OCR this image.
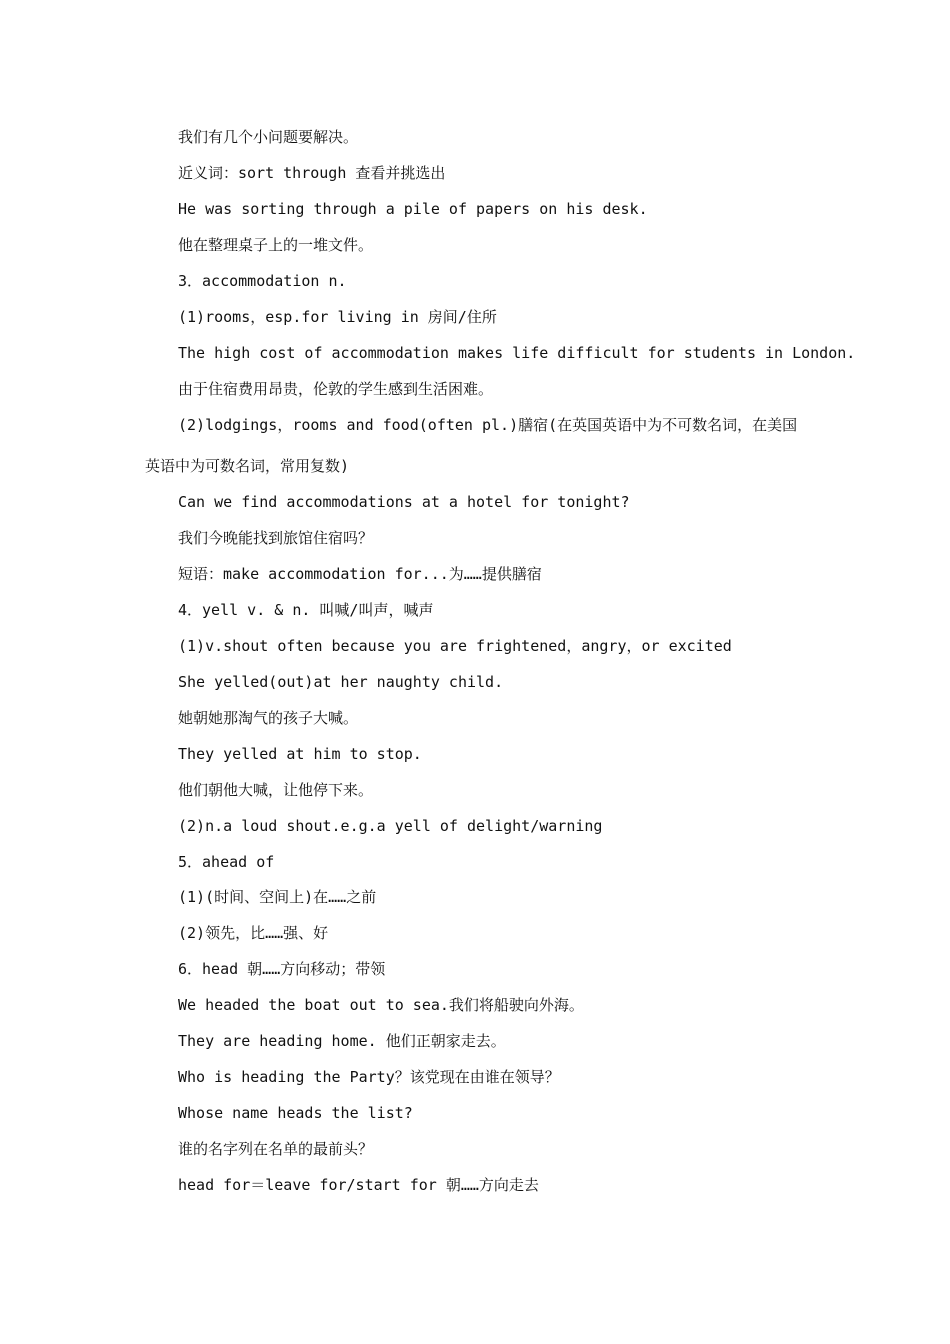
我们有几个小问题要解决。
近义词：sort through 查看并挑选出
He was sorting through a pile of papers on his desk.
他在整理桌子上的一堆文件。
3．accommodation n.
(1)rooms，esp.for living in 房间/住所
The high cost of accommodation makes life difficult for students in London.
由于住宿费用昂贵，伦敦的学生感到生活困难。
(2)lodgings，rooms and food(often pl.)膳宿(在英国英语中为不可数名词，在美国
英语中为可数名词，常用复数)
Can we find accommodations at a hotel for tonight?
我们今晚能找到旅馆住宿吗？
短语：make accommodation for...为……提供膳宿
4．yell v. & n. 叫喊/叫声，喊声
(1)v.shout often because you are frightened，angry，or excited
She yelled(out)at her naughty child.
她朝她那淘气的孩子大喊。
They yelled at him to stop.
他们朝他大喊，让他停下来。
(2)n.a loud shout.e.g.a yell of delight/warning
5．ahead of
(1)(时间、空间上)在……之前
(2)领先，比……强、好
6．head 朝……方向移动；带领
We headed the boat out to sea.我们将船驶向外海。
They are heading home. 他们正朝家走去。
Who is heading the Party？该党现在由谁在领导？
Whose name heads the list?
谁的名字列在名单的最前头？
head for＝leave for/start for 朝……方向走去
